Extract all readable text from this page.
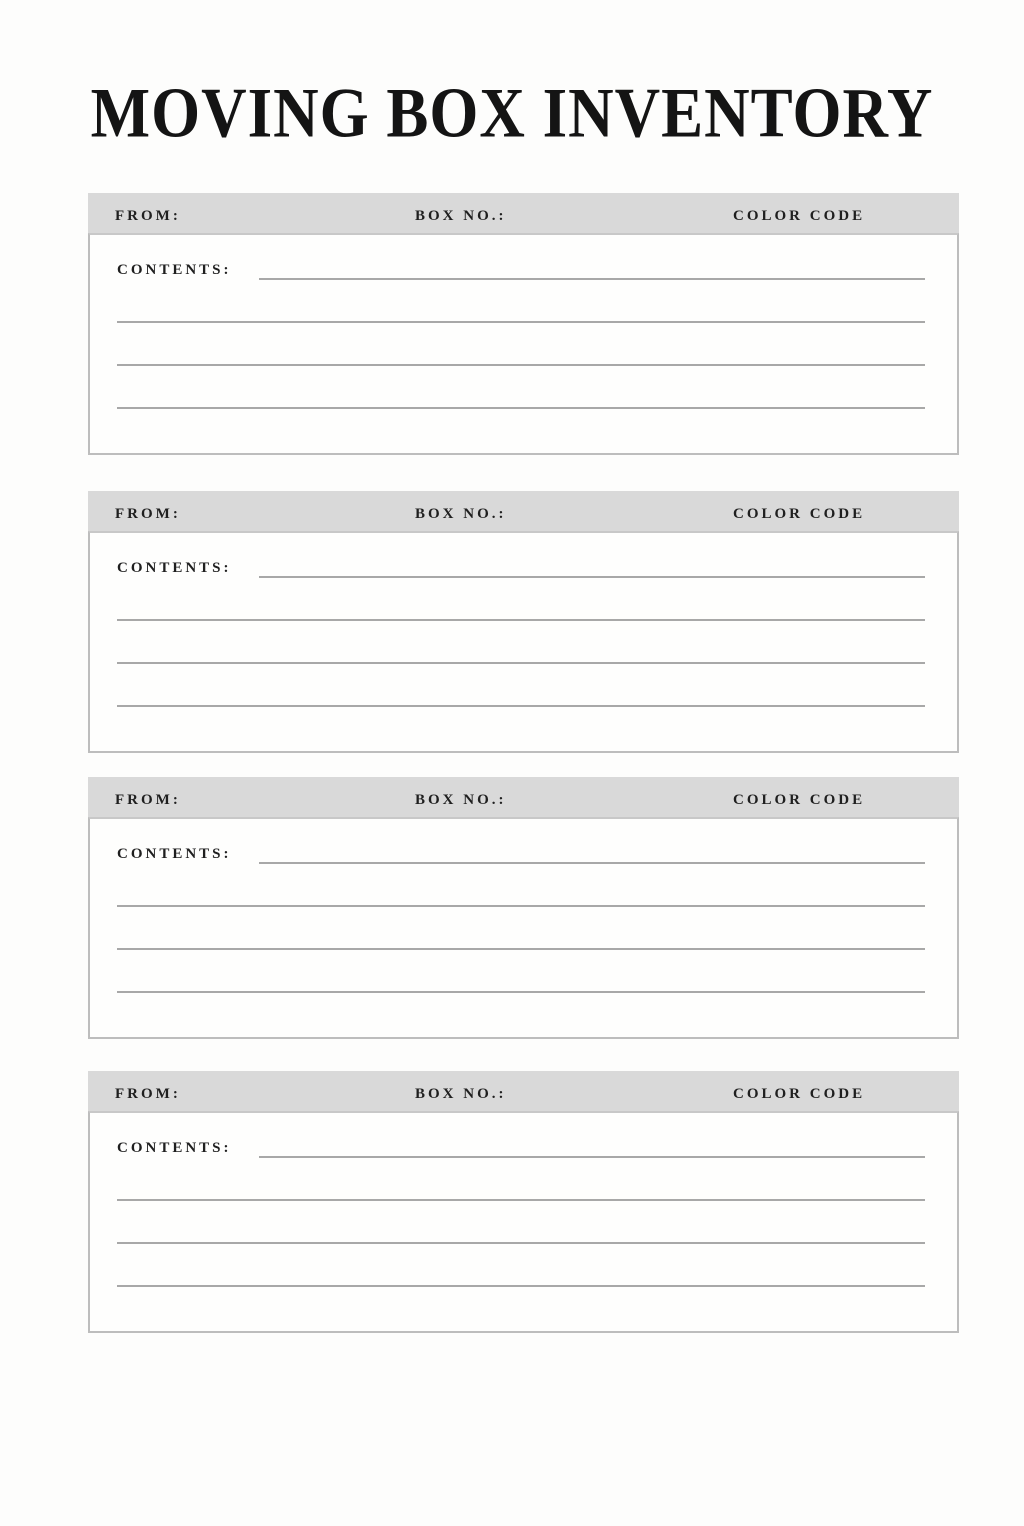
MOVING BOX INVENTORY
FROM:	BOX NO.:	COLOR CODE
CONTENTS:
FROM:	BOX NO.:	COLOR CODE
CONTENTS:
FROM:	BOX NO.:	COLOR CODE
CONTENTS:
FROM:	BOX NO.:	COLOR CODE
CONTENTS:
